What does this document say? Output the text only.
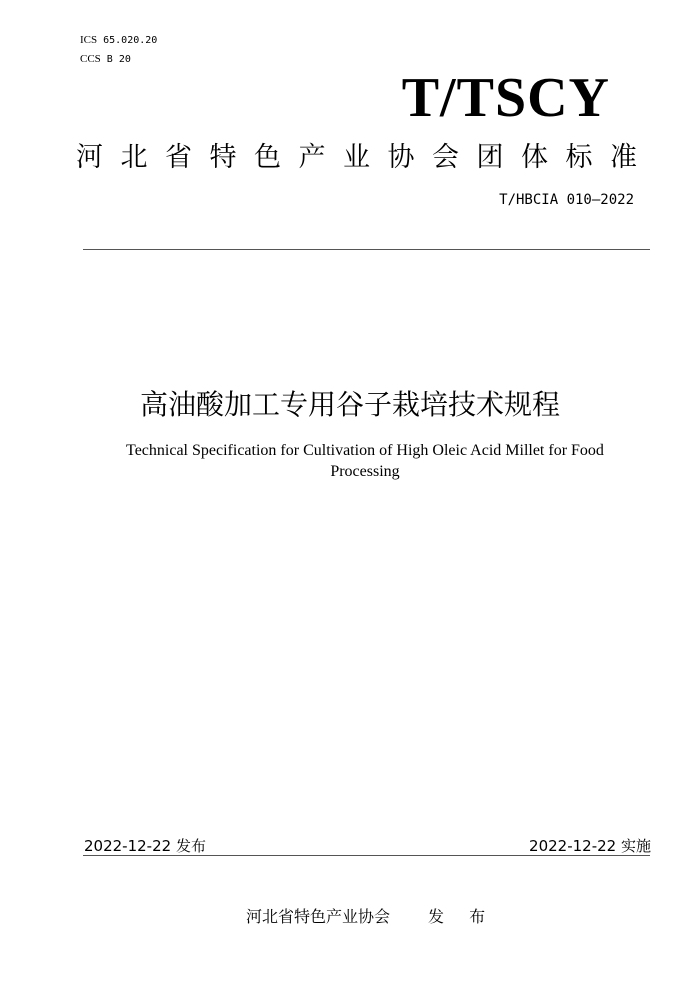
ICS 65.020.20
CCS B 20
T/TSCY
河北省特色产业协会团体标准
T/HBCIA 010—2022
高油酸加工专用谷子栽培技术规程
Technical Specification for Cultivation of High Oleic Acid Millet for Food Processing
2022-12-22 发布	2022-12-22 实施
河北省特色产业协会 发 布
